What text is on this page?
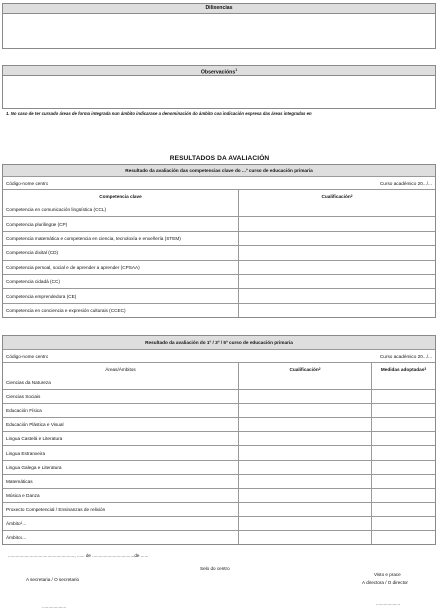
Dilixencias
Observacións$^1$
1. No caso de ter cursado áreas de forma integrada nun ámbito indicarase a denominación do ámbito coa indicación expresa das áreas integradas en
RESULTADOS DA AVALIACIÓN
Resultado da avaliación das competencias clave do ...º curso de educación primaria
Código-nome centro	Curso académico 20.../...
Competencia clave	Cualificación 2
Competencia en comunicación lingüística (CCL)
Competencia plurilingüe (CP)
Competencia matemática e competencia en ciencia, tecnoloxía e enxeñería (STEM)
Competencia dixital (CD)
Competencia persoal, social e de aprender a aprender (CPSAA)
Competencia cidadá (CC)
Competencia emprendedora (CE)
Competencia en conciencia e expresión culturais (CCEC)
Resultado da avaliación do 1º / 3º / 5º curso de educación primaria
Código-nome centro	Curso académico 20.../...
Áreas/Ámbitos	Cualificación 2	Medidas adoptadas 3
Ciencias da Natureza
Ciencias Sociais
Educación Física
Educación Plástica e Visual
Lingua Castelá e Literatura
Lingua Estranxeira
Lingua Galega e Literatura
Matemáticas
Música e Danza
Proxecto Competencial / Ensinanzas de relixión
Ámbito 1 ...
Ámbito 1 ...
...................................................., ...... de .................................de ......
Selo do centro
A secretaria / O secretario
...................
Visto e prace
A directora / O director
...................
